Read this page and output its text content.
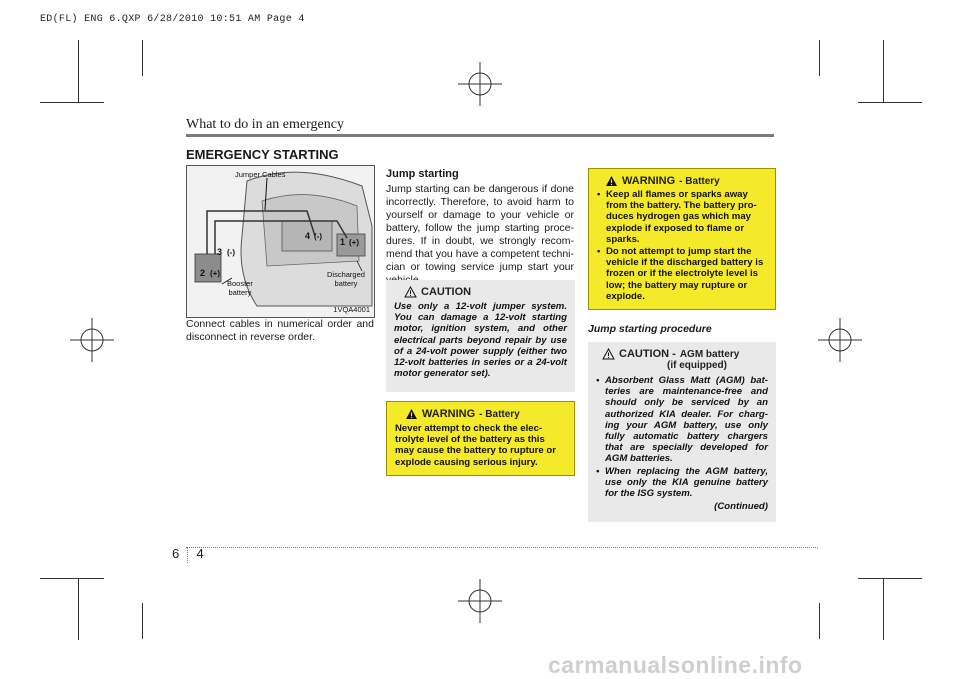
ED(FL) ENG 6.QXP 6/28/2010 10:51 AM Page 4
What to do in an emergency
EMERGENCY STARTING
Jumper Cables
Booster
battery
Discharged
battery
2 (+)
3 (-)
4 (-)
1 (+)
1VQA4001
Connect cables in numerical order and disconnect in reverse order.
Jump starting
Jump starting can be dangerous if done incorrectly. Therefore, to avoid harm to yourself or damage to your vehicle or battery, follow the jump starting proce-dures. If in doubt, we strongly recom-mend that you have a competent techni-cian or towing service jump start your
CAUTION
Use only a 12-volt jumper system. You can damage a 12-volt starting motor, ignition system, and other electrical parts beyond repair by use of a 24-volt power supply (either two 12-volt batteries in series or a 24-volt motor generator set).
WARNING - Battery
Never attempt to check the elec-trolyte level of the battery as this may cause the battery to rupture or explode causing serious injury.
WARNING - Battery
• Keep all flames or sparks away from the battery. The battery pro-duces hydrogen gas which may explode if exposed to flame or sparks.
• Do not attempt to jump start the vehicle if the discharged battery is frozen or if the electrolyte level is low; the battery may rupture or explode.
Jump starting procedure
CAUTION - AGM battery
(if equipped)
• Absorbent Glass Matt (AGM) bat-teries are maintenance-free and should only be serviced by an authorized KIA dealer. For charg-ing your AGM battery, use only fully automatic battery chargers that are specially developed for AGM batteries.
• When replacing the AGM battery, use only the KIA genuine battery for the ISG system.
(Continued)
6 4
carmanualsonline.info
